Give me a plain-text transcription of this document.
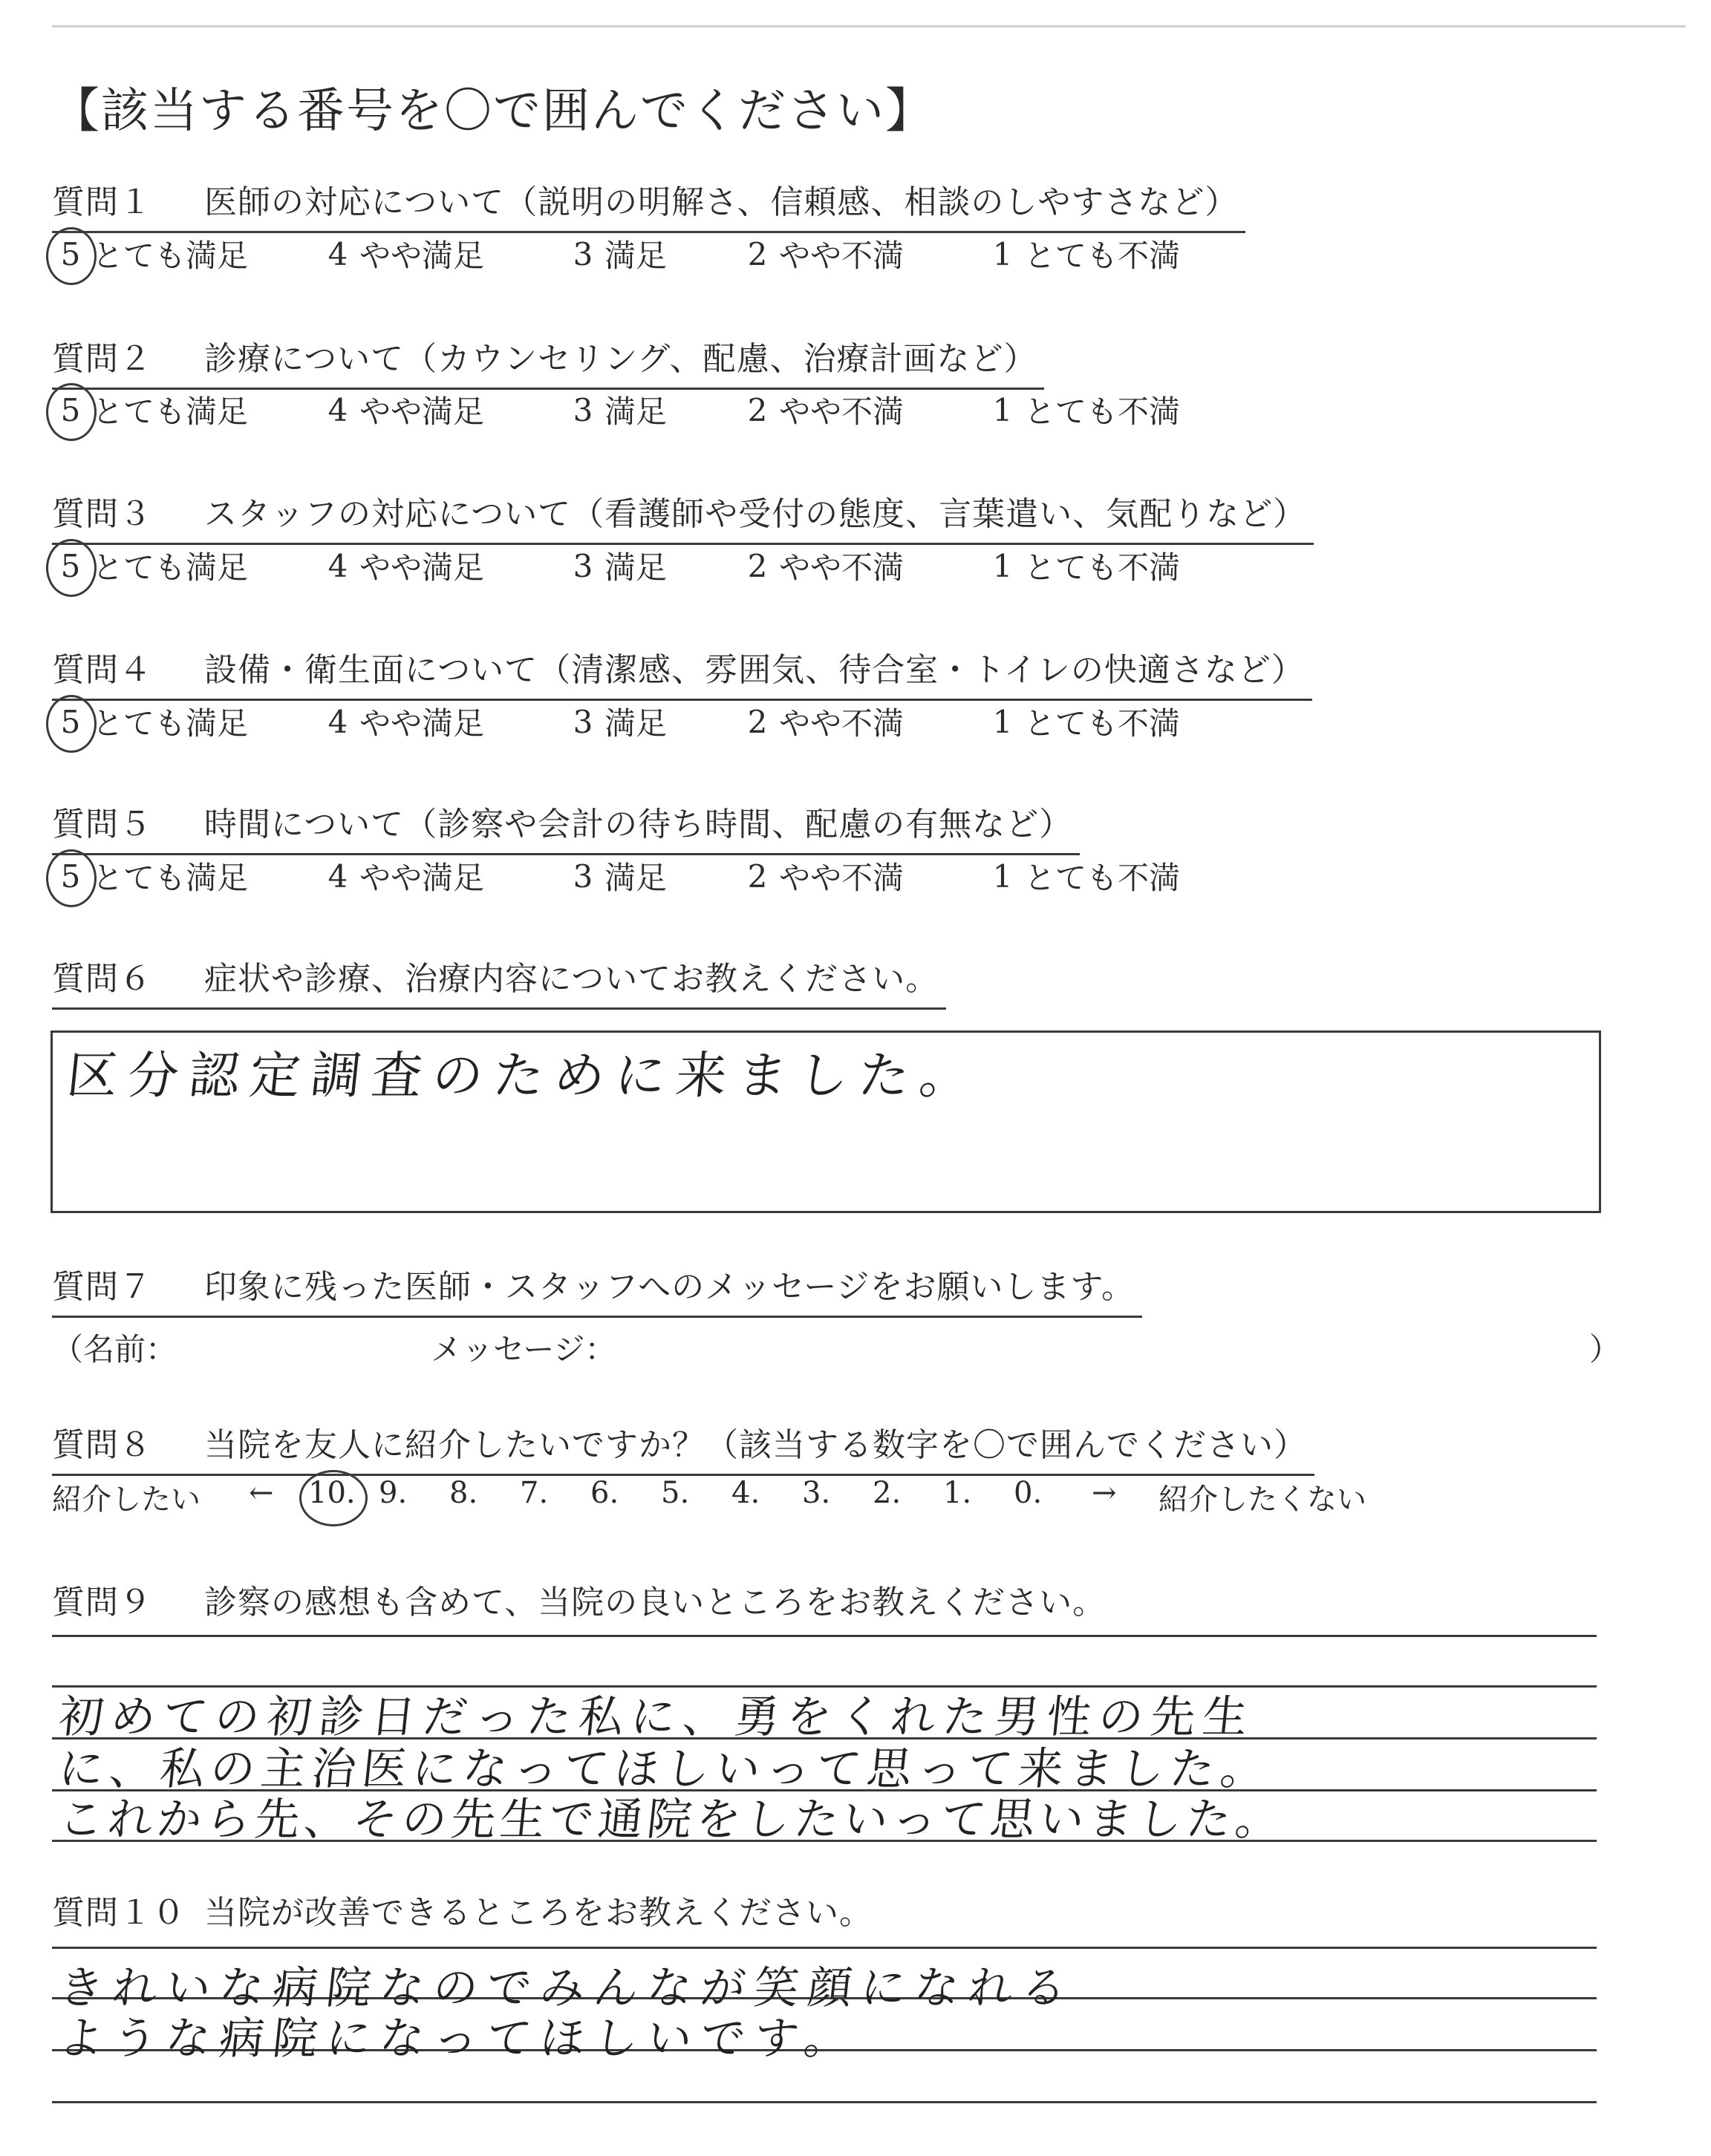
【該当する番号を〇で囲んでください】
質問１ 医師の対応について（説明の明解さ、信頼感、相談のしやすさなど）
5 とても満足	4 やや満足	3 満足	2 やや不満	1 とても不満
質問２ 診療について（カウンセリング、配慮、治療計画など）
5 とても満足	4 やや満足	3 満足	2 やや不満	1 とても不満
質問３ スタッフの対応について（看護師や受付の態度、言葉遣い、気配りなど）
5 とても満足	4 やや満足	3 満足	2 やや不満	1 とても不満
質問４ 設備・衛生面について（清潔感、雰囲気、待合室・トイレの快適さなど）
5 とても満足	4 やや満足	3 満足	2 やや不満	1 とても不満
質問５ 時間について（診察や会計の待ち時間、配慮の有無など）
5 とても満足	4 やや満足	3 満足	2 やや不満	1 とても不満
質問６ 症状や診療、治療内容についてお教えください。
区分認定調査のために来ました。
質問７ 印象に残った医師・スタッフへのメッセージをお願いします。
（名前：	メッセージ：	）
質問８ 当院を友人に紹介したいですか？（該当する数字を〇で囲んでください）
紹介したい ←	→ 紹介したくない
10. 9. 8. 7. 6. 5. 4. 3. 2. 1. 0.
質問９ 診察の感想も含めて、当院の良いところをお教えください。
初めての初診日だった私に、勇をくれた男性の先生
に、私の主治医になってほしいって思って来ました。
これから先、その先生で通院をしたいって思いました。
質問１０ 当院が改善できるところをお教えください。
きれいな病院なのでみんなが笑顔になれる
ような病院になってほしいです。
